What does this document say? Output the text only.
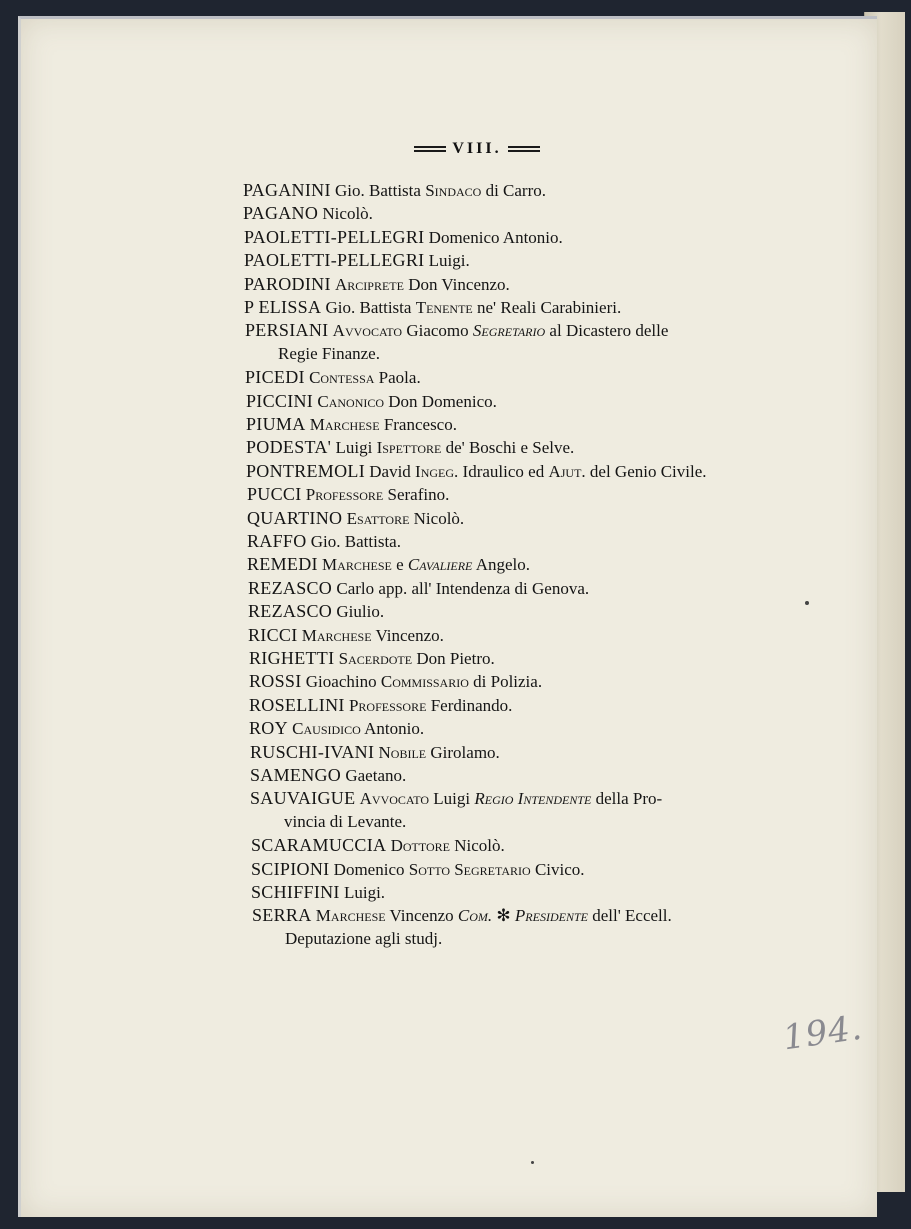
VIII.
PAGANINI Gio. Battista Sindaco di Carro.
PAGANO Nicolò.
PAOLETTI-PELLEGRI Domenico Antonio.
PAOLETTI-PELLEGRI Luigi.
PARODINI Arciprete Don Vincenzo.
P ELISSA Gio. Battista Tenente ne' Reali Carabinieri.
PERSIANI Avvocato Giacomo Segretario al Dicastero delle
Regie Finanze.
PICEDI Contessa Paola.
PICCINI Canonico Don Domenico.
PIUMA Marchese Francesco.
PODESTA' Luigi Ispettore de' Boschi e Selve.
PONTREMOLI David Ingeg. Idraulico ed Ajut. del Genio Civile.
PUCCI Professore Serafino.
QUARTINO Esattore Nicolò.
RAFFO Gio. Battista.
REMEDI Marchese e Cavaliere Angelo.
REZASCO Carlo app. all' Intendenza di Genova.
REZASCO Giulio.
RICCI Marchese Vincenzo.
RIGHETTI Sacerdote Don Pietro.
ROSSI Gioachino Commissario di Polizia.
ROSELLINI Professore Ferdinando.
ROY Causidico Antonio.
RUSCHI-IVANI Nobile Girolamo.
SAMENGO Gaetano.
SAUVAIGUE Avvocato Luigi Regio Intendente della Pro-
vincia di Levante.
SCARAMUCCIA Dottore Nicolò.
SCIPIONI Domenico Sotto Segretario Civico.
SCHIFFINI Luigi.
SERRA Marchese Vincenzo Com. ✻ Presidente dell' Eccell.
Deputazione agli studj.
194.
